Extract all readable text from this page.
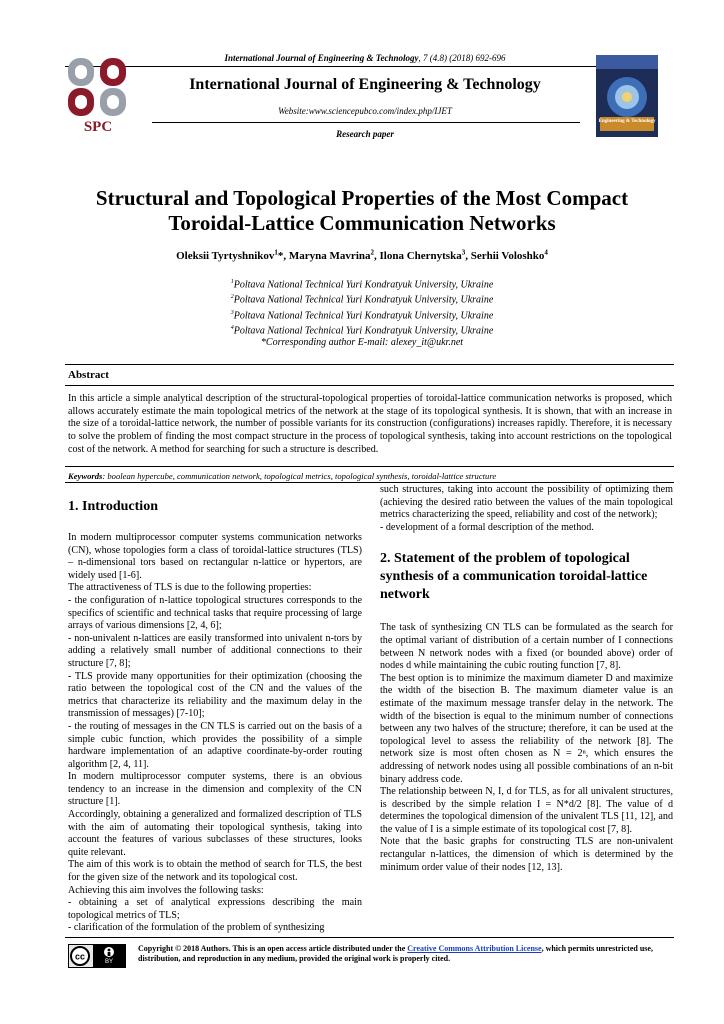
International Journal of Engineering & Technology, 7 (4.8) (2018) 692-696
SPC
International Journal of Engineering & Technology
Website:www.sciencepubco.com/index.php/IJET
Engineering & Technology
Research paper
Structural and Topological Properties of the Most Compact
Toroidal-Lattice Communication Networks
Oleksii Tyrtyshnikov$^1$*, Maryna Mavrina$^2$, Ilona Chernytska$^3$, Serhii Voloshko$^4$
$^1$Poltava National Technical Yuri Kondratyuk University, Ukraine
$^2$Poltava National Technical Yuri Kondratyuk University, Ukraine
$^3$Poltava National Technical Yuri Kondratyuk University, Ukraine
$^4$Poltava National Technical Yuri Kondratyuk University, Ukraine
*Corresponding author E-mail: alexey_it@ukr.net
Abstract
In this article a simple analytical description of the structural-topological properties of toroidal-lattice communication networks is proposed, which allows accurately estimate the main topological metrics of the network at the stage of its topological synthesis. It is shown, that with an increase in the size of a toroidal-lattice network, the number of possible variants for its construction (configurations) increases rapidly. Therefore, it is necessary to solve the problem of finding the most compact structure in the process of topological synthesis, taking into account restrictions on the topological cost of the network. A method for searching for such a structure is described.
Keywords: boolean hypercube, communication network, topological metrics, topological synthesis, toroidal-lattice structure
1. Introduction
In modern multiprocessor computer systems communication networks (CN), whose topologies form a class of toroidal-lattice structures (TLS) – n-dimensional tors based on rectangular n-lattice or hypertors, are widely used [1-6].
The attractiveness of TLS is due to the following properties:
- the configuration of n-lattice topological structures corresponds to the specifics of scientific and technical tasks that require processing of large arrays of various dimensions [2, 4, 6];
- non-univalent n-lattices are easily transformed into univalent n-tors by adding a relatively small number of additional connections to their structure [7, 8];
- TLS provide many opportunities for their optimization (choosing the ratio between the topological cost of the CN and the values of the metrics that characterize its reliability and the maximum delay in the transmission of messages) [7-10];
- the routing of messages in the CN TLS is carried out on the basis of a simple cubic function, which provides the possibility of a simple hardware implementation of an adaptive coordinate-by-order routing algorithm [2, 4, 11].
In modern multiprocessor computer systems, there is an obvious tendency to an increase in the dimension and complexity of the CN structure [1].
Accordingly, obtaining a generalized and formalized description of TLS with the aim of automating their topological synthesis, taking into account the features of various subclasses of these structures, looks quite relevant.
The aim of this work is to obtain the method of search for TLS, the best for the given size of the network and its topological cost.
Achieving this aim involves the following tasks:
- obtaining a set of analytical expressions describing the main topological metrics of TLS;
- clarification of the formulation of the problem of synthesizing
such structures, taking into account the possibility of optimizing them (achieving the desired ratio between the values of the main topological metrics characterizing the speed, reliability and cost of the network);
- development of a formal description of the method.
2. Statement of the problem of topological synthesis of a communication toroidal-lattice network
The task of synthesizing CN TLS can be formulated as the search for the optimal variant of distribution of a certain number of I connections between N network nodes with a fixed (or bounded above) order of nodes d while maintaining the cubic routing function [7, 8].
The best option is to minimize the maximum diameter D and maximize the width of the bisection B. The maximum diameter value is an estimate of the maximum message transfer delay in the network. The width of the bisection is equal to the minimum number of connections between any two halves of the structure; therefore, it can be used at the topological level to assess the reliability of the network [8]. The network size is most often chosen as N = 2ⁿ, which ensures the addressing of network nodes using all possible combinations of an n-bit binary address code.
The relationship between N, I, d for TLS, as for all univalent structures, is described by the simple relation I = N*d/2 [8]. The value of d determines the topological dimension of the univalent TLS [11, 12], and the value of I is a simple estimate of its topological cost [7, 8].
Note that the basic graphs for constructing TLS are non-univalent rectangular n-lattices, the dimension of which is determined by the minimum order value of their nodes [12, 13].
cc
BY
Copyright © 2018 Authors. This is an open access article distributed under the Creative Commons Attribution License, which permits unrestricted use, distribution, and reproduction in any medium, provided the original work is properly cited.
